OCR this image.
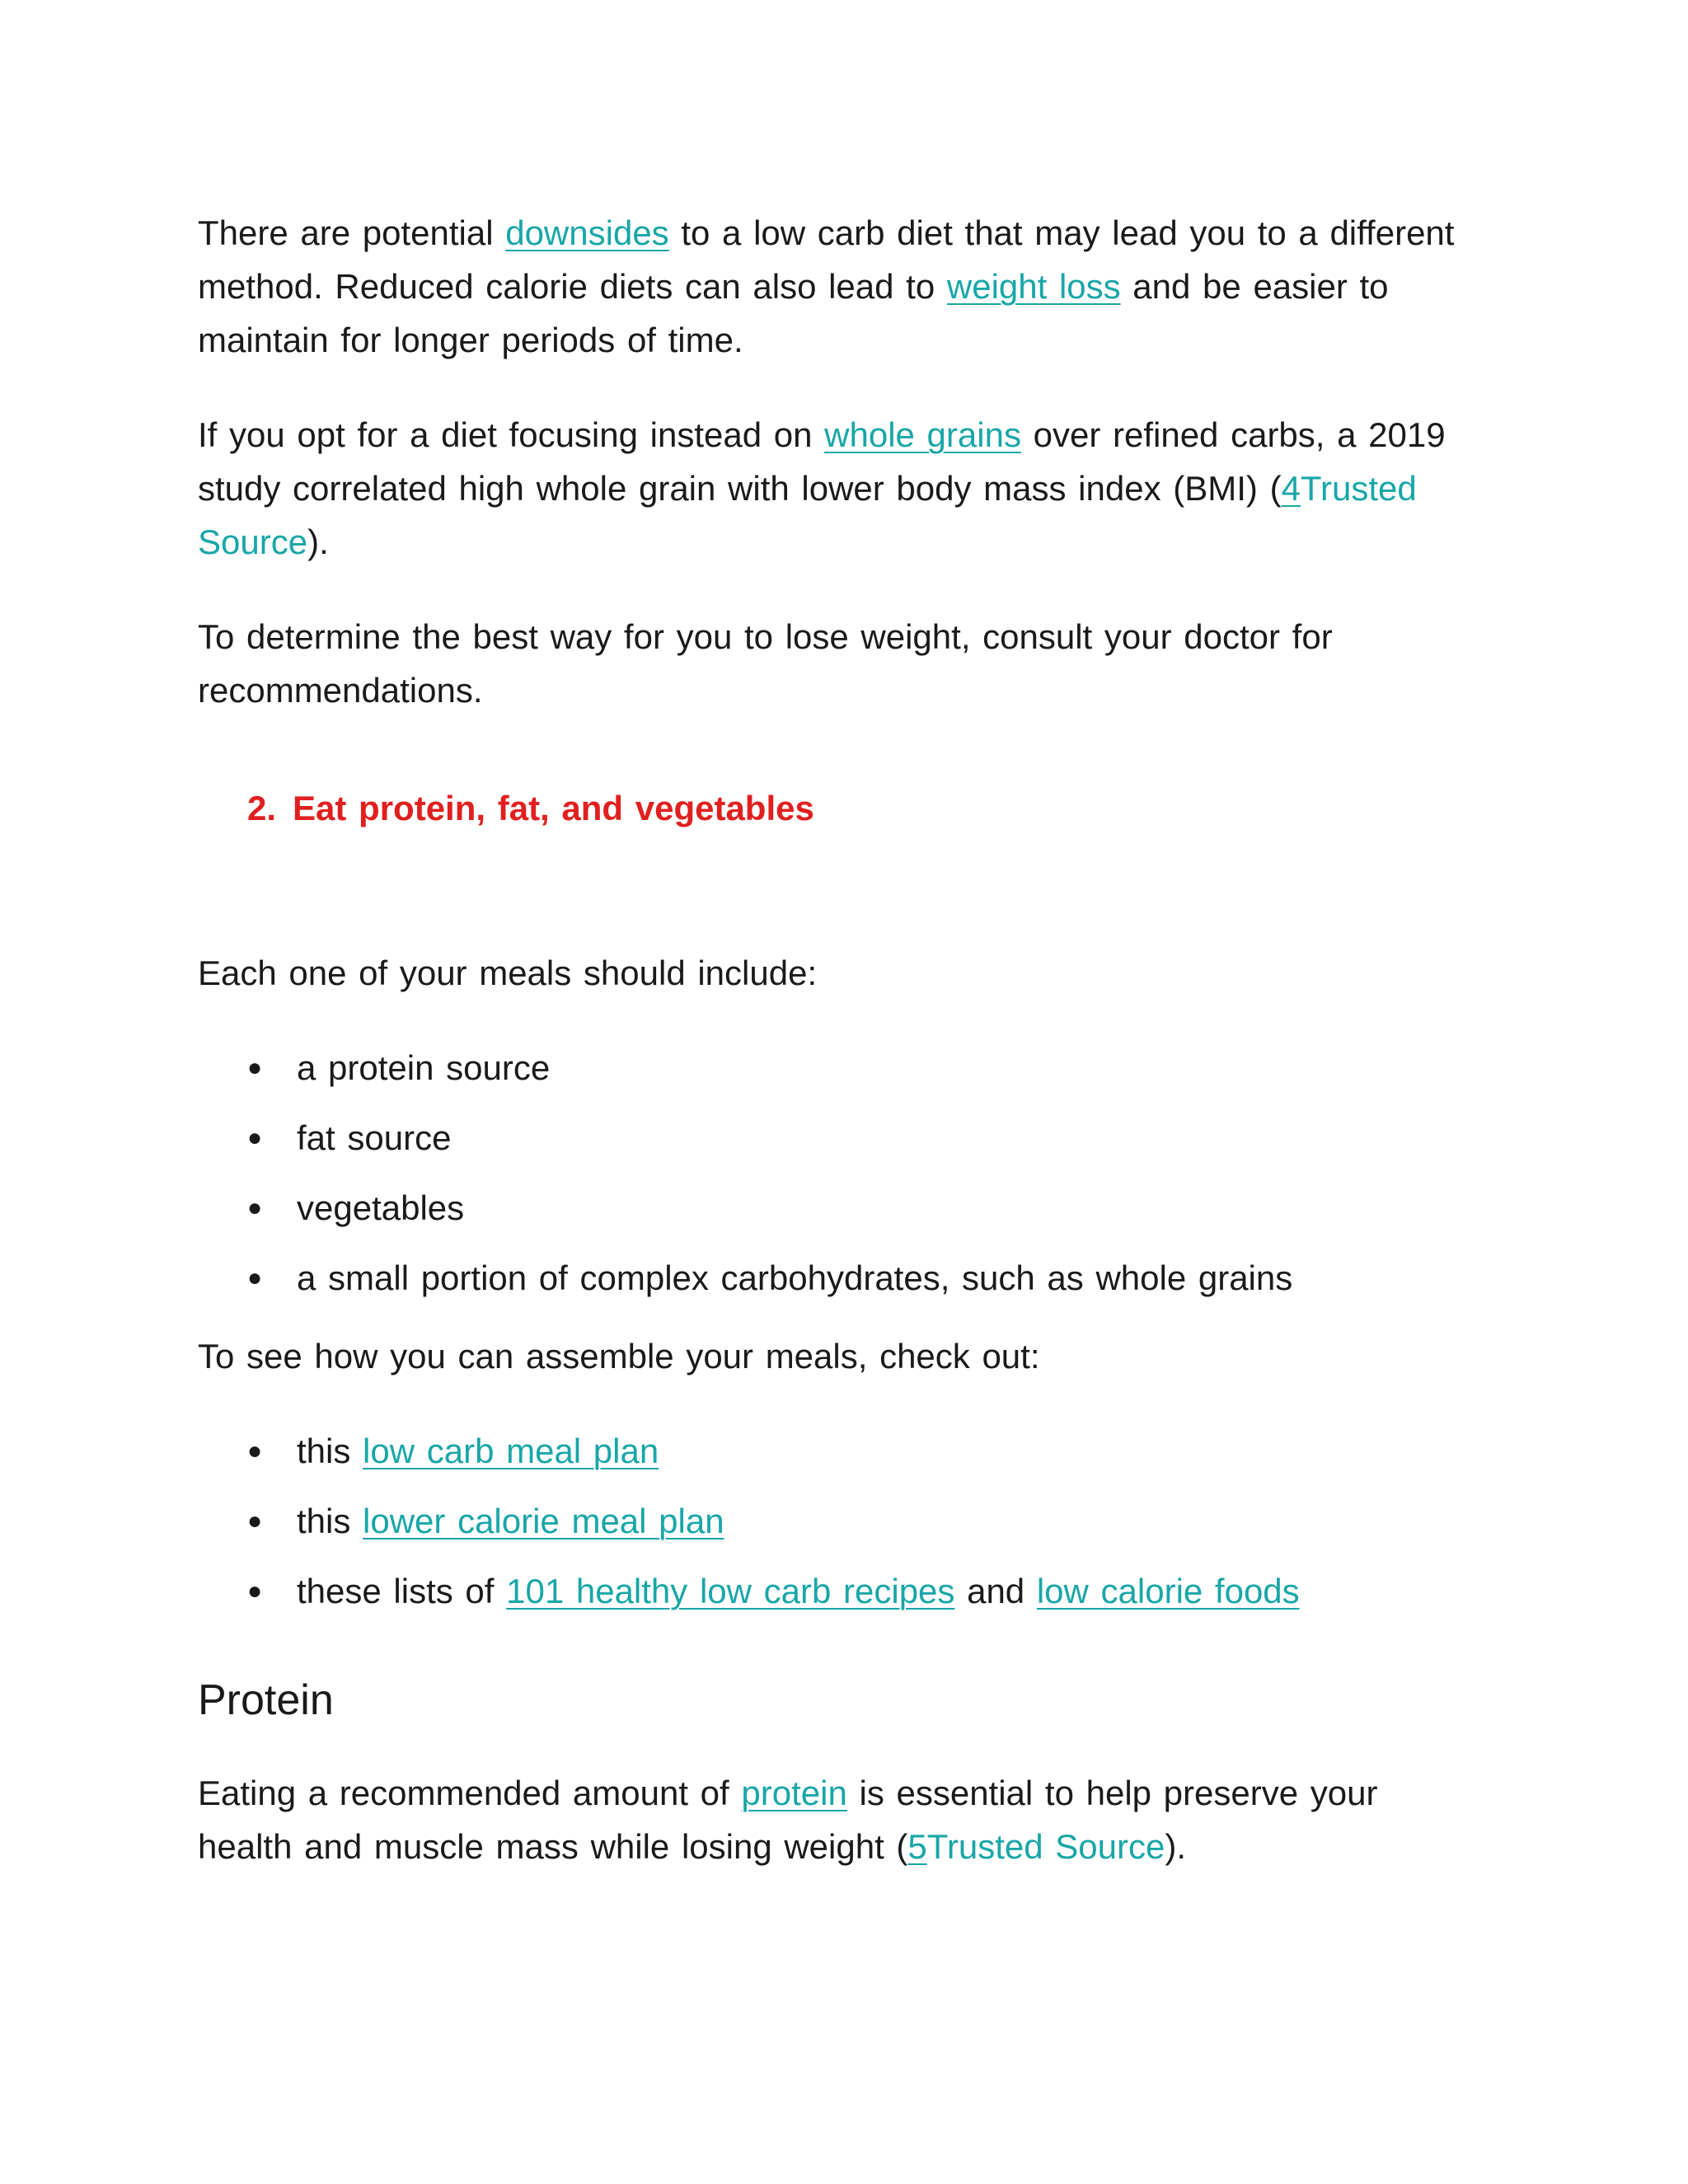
There are potential downsides to a low carb diet that may lead you to a different method. Reduced calorie diets can also lead to weight loss and be easier to maintain for longer periods of time.

If you opt for a diet focusing instead on whole grains over refined carbs, a 2019 study correlated high whole grain with lower body mass index (BMI) (4Trusted Source).

To determine the best way for you to lose weight, consult your doctor for recommendations.

2. Eat protein, fat, and vegetables

Each one of your meals should include:

● a protein source
● fat source
● vegetables
● a small portion of complex carbohydrates, such as whole grains

To see how you can assemble your meals, check out:

● this low carb meal plan
● this lower calorie meal plan
● these lists of 101 healthy low carb recipes and low calorie foods
Protein

Eating a recommended amount of protein is essential to help preserve your health and muscle mass while losing weight (5Trusted Source).
